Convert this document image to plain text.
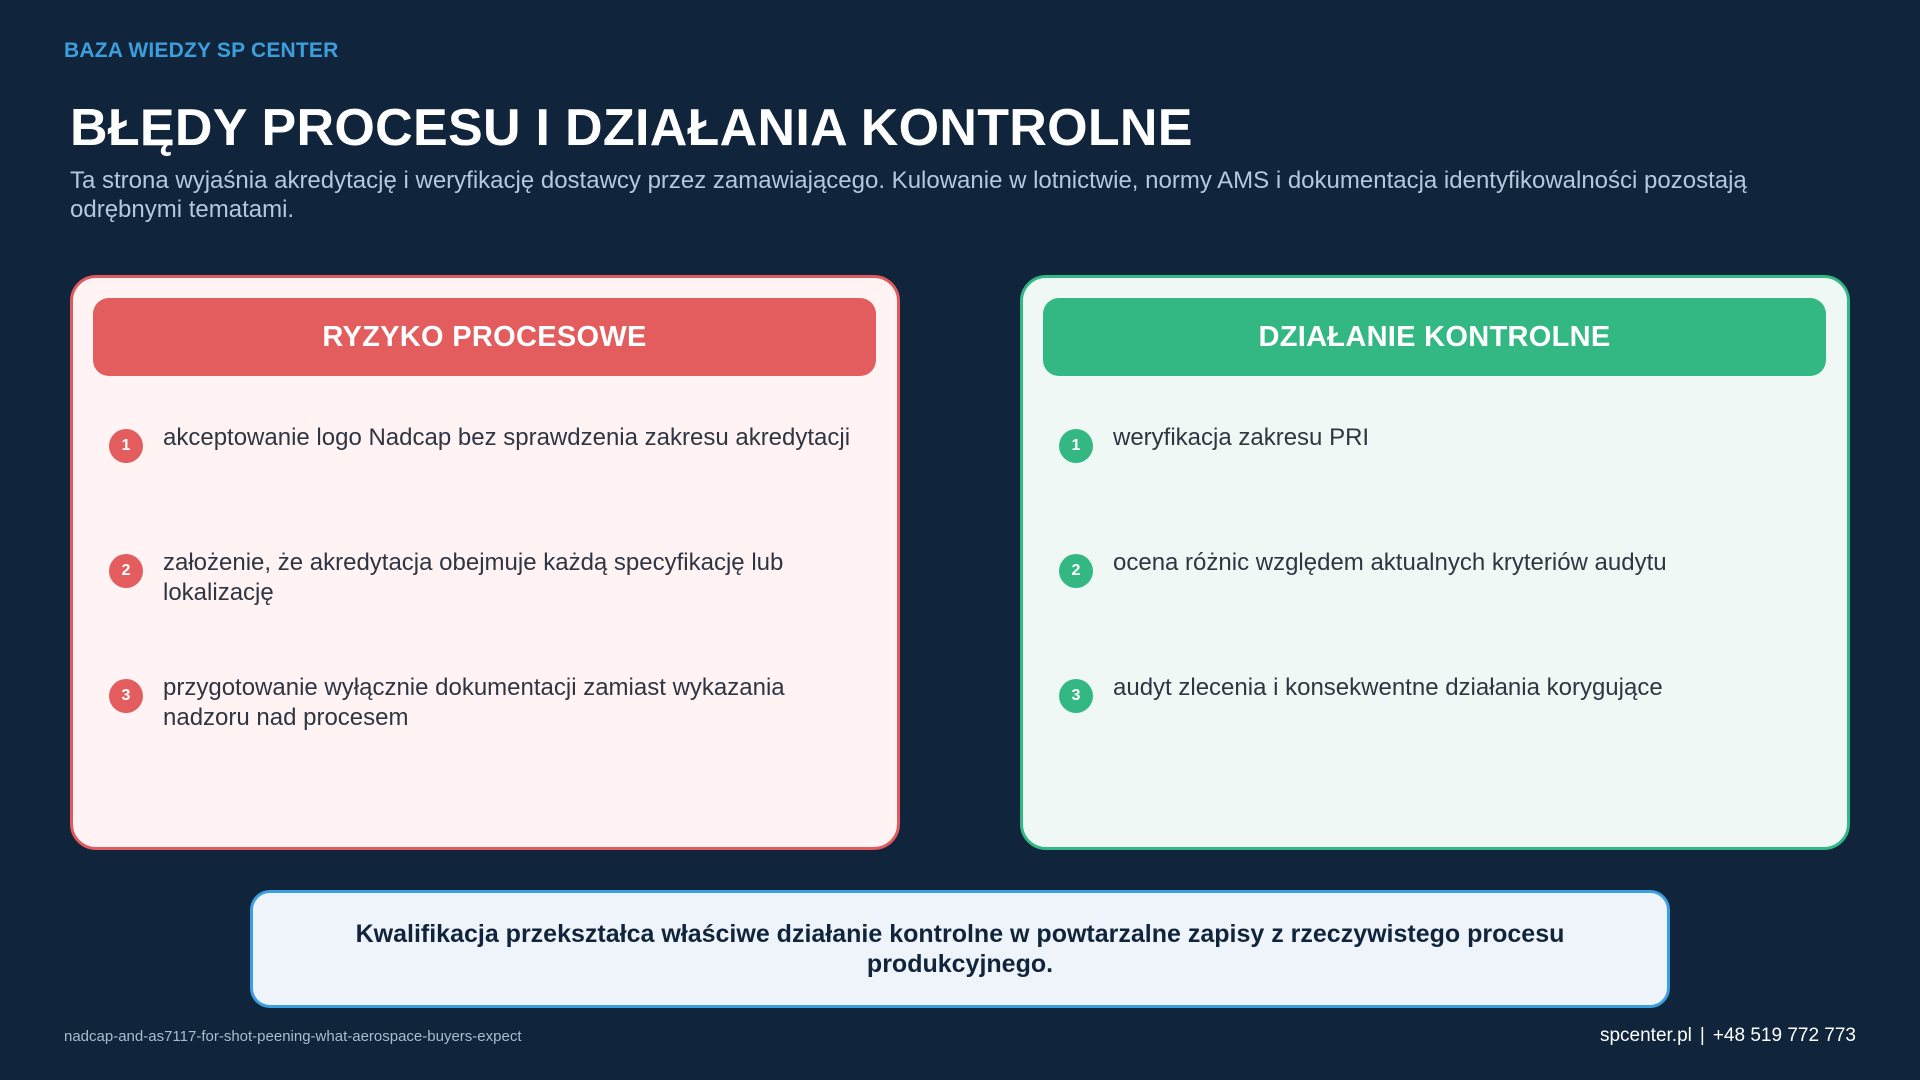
BAZA WIEDZY SP CENTER
BŁĘDY PROCESU I DZIAŁANIA KONTROLNE

Ta strona wyjaśnia akredytację i weryfikację dostawcy przez zamawiającego. Kulowanie w lotnictwie, normy AMS i dokumentacja identyfikowalności pozostają odrębnymi tematami.

RYZYKO PROCESOWE
1	akceptowanie logo Nadcap bez sprawdzenia zakresu akredytacji
2	założenie, że akredytacja obejmuje każdą specyfikację lub lokalizację
3	przygotowanie wyłącznie dokumentacji zamiast wykazania nadzoru nad procesem
DZIAŁANIE KONTROLNE
1	weryfikacja zakresu PRI
2	ocena różnic względem aktualnych kryteriów audytu
3	audyt zlecenia i konsekwentne działania korygujące
Kwalifikacja przekształca właściwe działanie kontrolne w powtarzalne zapisy z rzeczywistego procesu produkcyjnego.
nadcap-and-as7117-for-shot-peening-what-aerospace-buyers-expect	spcenter.pl | +48 519 772 773
